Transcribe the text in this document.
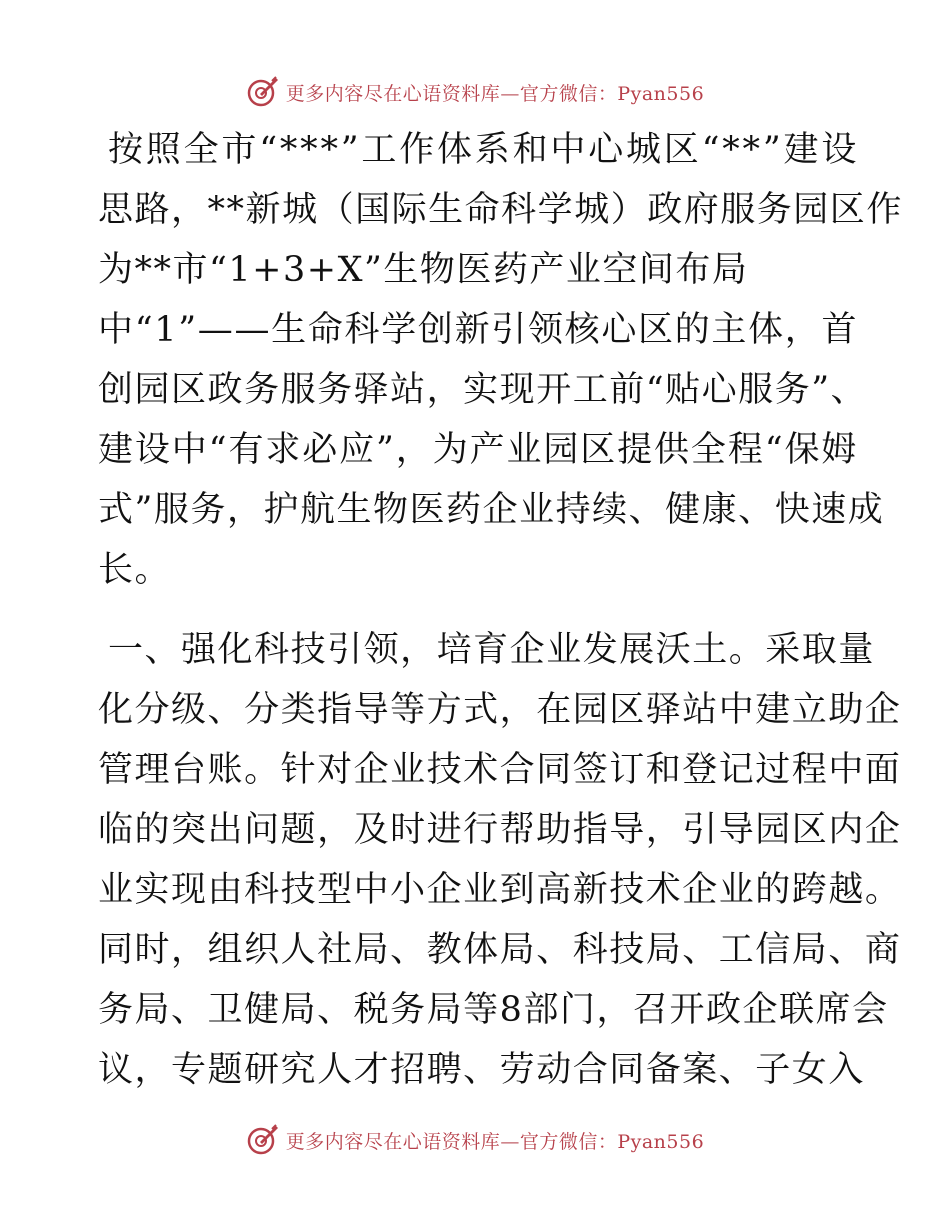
更多内容尽在心语资料库—官方微信：Pyan556
按 照 全 市 “ * * * ” 工 作 体 系 和 中 心 城 区 “ * * ” 建 设
思 路 ， * * 新 城 （ 国 际 生 命 科 学 城 ） 政 府 服 务 园 区 作
为**市“1+3+X”生物医药产业空间布局
中 “ 1 ” — — 生 命 科 学 创 新 引 领 核 心 区 的 主 体 ， 首
创 园 区 政 务 服 务 驿 站 ， 实 现 开 工 前 “ 贴 心 服 务 ” 、
建 设 中 “ 有 求 必 应 ” ， 为 产 业 园 区 提 供 全 程 “ 保 姆
式 ” 服 务 ， 护 航 生 物 医 药 企 业 持 续 、 健 康 、 快 速 成
长。
一 、 强 化 科 技 引 领 ， 培 育 企 业 发 展 沃 土 。 采 取 量
化 分 级 、 分 类 指 导 等 方 式 ， 在 园 区 驿 站 中 建 立 助 企
管 理 台 账 。 针 对 企 业 技 术 合 同 签 订 和 登 记 过 程 中 面
临 的 突 出 问 题 ， 及 时 进 行 帮 助 指 导 ， 引 导 园 区 内 企
业 实 现 由 科 技 型 中 小 企 业 到 高 新 技 术 企 业 的 跨 越 。
同 时 ， 组 织 人 社 局 、 教 体 局 、 科 技 局 、 工 信 局 、 商
务 局 、 卫 健 局 、 税 务 局 等 8 部 门 ， 召 开 政 企 联 席 会
议 ， 专 题 研 究 人 才 招 聘 、 劳 动 合 同 备 案 、 子 女 入
更多内容尽在心语资料库—官方微信：Pyan556
